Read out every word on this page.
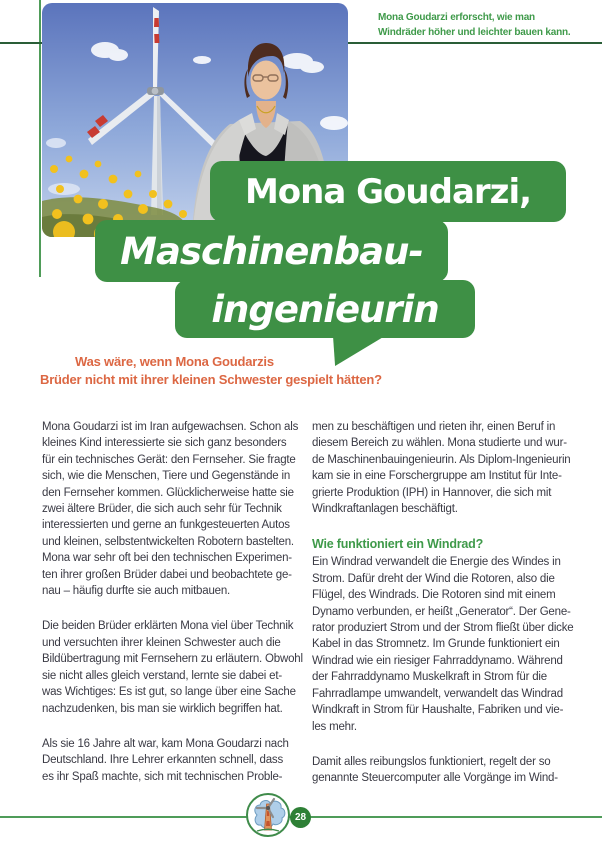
Mona Goudarzi erforscht, wie man
Windräder höher und leichter bauen kann.
Mona Goudarzi,
Maschinenbau-
ingenieurin
Was wäre, wenn Mona Goudarzis
Brüder nicht mit ihrer kleinen Schwester gespielt hätten?
Mona Goudarzi ist im Iran aufgewachsen. Schon als
kleines Kind interessierte sie sich ganz besonders
für ein technisches Gerät: den Fernseher. Sie fragte
sich, wie die Menschen, Tiere und Gegenstände in
den Fernseher kommen. Glücklicherweise hatte sie
zwei ältere Brüder, die sich auch sehr für Technik
interessierten und gerne an funkgesteuerten Autos
und kleinen, selbstentwickelten Robotern bastelten.
Mona war sehr oft bei den technischen Experimen-
ten ihrer großen Brüder dabei und beobachtete ge-
nau – häufig durfte sie auch mitbauen.
Die beiden Brüder erklärten Mona viel über Technik
und versuchten ihrer kleinen Schwester auch die
Bildübertragung mit Fernsehern zu erläutern. Obwohl
sie nicht alles gleich verstand, lernte sie dabei et-
was Wichtiges: Es ist gut, so lange über eine Sache
nachzudenken, bis man sie wirklich begriffen hat.
Als sie 16 Jahre alt war, kam Mona Goudarzi nach
Deutschland. Ihre Lehrer erkannten schnell, dass
es ihr Spaß machte, sich mit technischen Proble-
men zu beschäftigen und rieten ihr, einen Beruf in
diesem Bereich zu wählen. Mona studierte und wur-
de Maschinenbauingenieurin. Als Diplom-Ingenieurin
kam sie in eine Forschergruppe am Institut für Inte-
grierte Produktion (IPH) in Hannover, die sich mit
Windkraftanlagen beschäftigt.
Wie funktioniert ein Windrad?
Ein Windrad verwandelt die Energie des Windes in
Strom. Dafür dreht der Wind die Rotoren, also die
Flügel, des Windrads. Die Rotoren sind mit einem
Dynamo verbunden, er heißt „Generator“. Der Gene-
rator produziert Strom und der Strom fließt über dicke
Kabel in das Stromnetz. Im Grunde funktioniert ein
Windrad wie ein riesiger Fahrraddynamo. Während
der Fahrraddynamo Muskelkraft in Strom für die
Fahrradlampe umwandelt, verwandelt das Windrad
Windkraft in Strom für Haushalte, Fabriken und vie-
les mehr.
Damit alles reibungslos funktioniert, regelt der so
genannte Steuercomputer alle Vorgänge im Wind-
28
